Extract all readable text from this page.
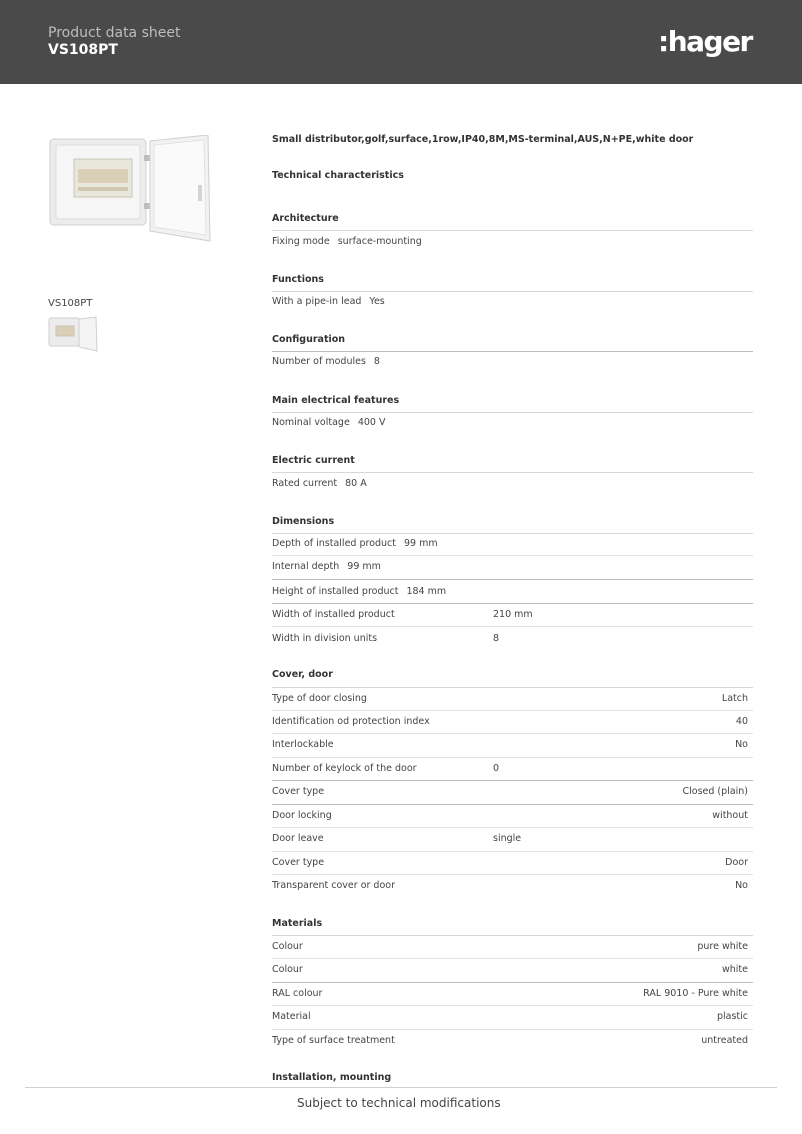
Product data sheet
VS108PT	:hager
VS108PT
Small distributor,golf,surface,1row,IP40,8M,MS-terminal,AUS,N+PE,white door
Technical characteristics
Architecture
Fixing mode surface-mounting
Functions
With a pipe-in lead Yes
Configuration
Number of modules 8
Main electrical features
Nominal voltage 400 V
Electric current
Rated current 80 A
Dimensions
Depth of installed product 99 mm
Internal depth 99 mm
Height of installed product 184 mm
Width of installed product	210 mm
Width in division units	8
Cover, door
Type of door closing	Latch
Identification od protection index	40
Interlockable	No
Number of keylock of the door	0
Cover type	Closed (plain)
Door locking	without
Door leave	single
Cover type	Door
Transparent cover or door	No
Materials
Colour	pure white
Colour	white
RAL colour	RAL 9010 - Pure white
Material	plastic
Type of surface treatment	untreated
Installation, mounting
Subject to technical modifications
